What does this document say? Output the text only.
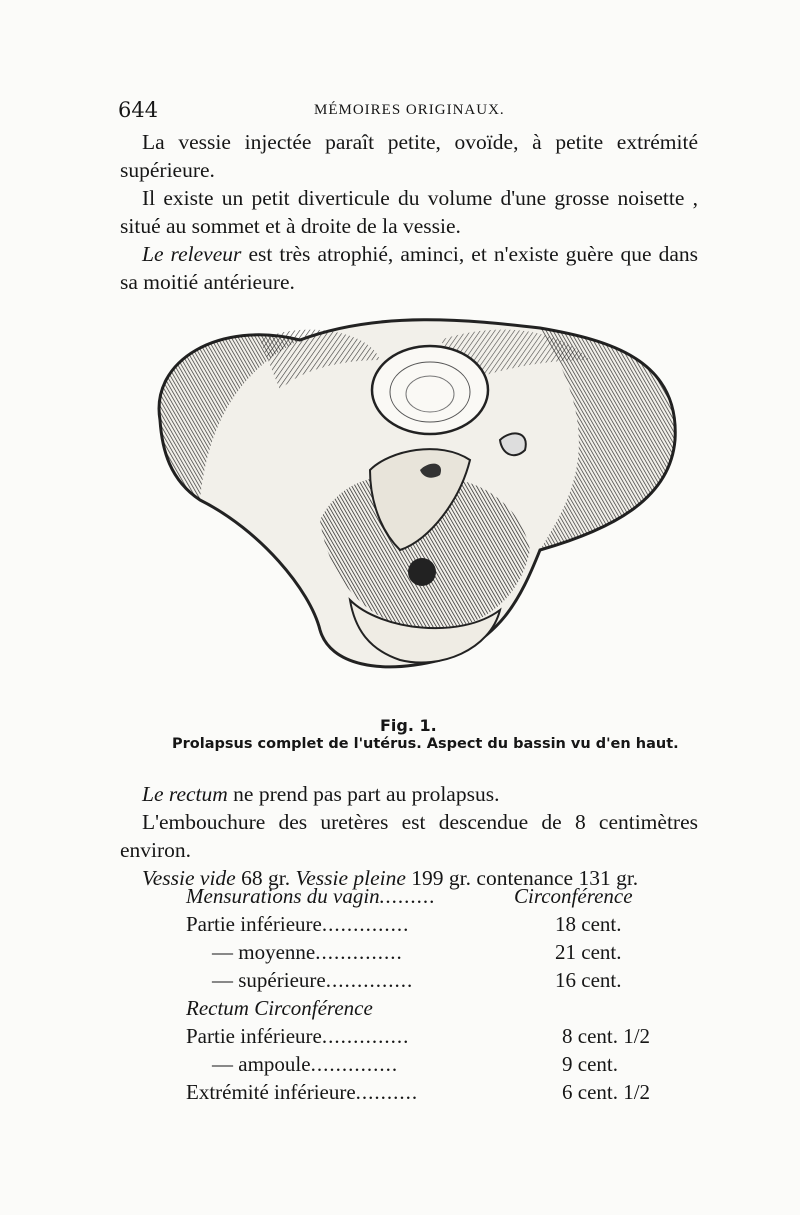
644	MÉMOIRES ORIGINAUX.

La vessie injectée paraît petite, ovoïde, à petite extrémité supérieure.

Il existe un petit diverticule du volume d'une grosse noisette , situé au sommet et à droite de la vessie.

Le releveur est très atrophié, aminci, et n'existe guère que dans sa moitié antérieure.

Fig. 1.
Prolapsus complet de l'utérus. Aspect du bassin vu d'en haut.

Le rectum ne prend pas part au prolapsus.

L'embouchure des uretères est descendue de 8 centimètres environ.

Vessie vide 68 gr. Vessie pleine 199 gr. contenance 131 gr.

Mensurations du vagin.........	Circonférence
Partie inférieure..............	18 cent.
— moyenne..............	21 cent.
— supérieure..............	16 cent.
Rectum Circonférence
Partie inférieure..............	8 cent. 1/2
— ampoule..............	9 cent.
Extrémité inférieure..........	6 cent. 1/2
